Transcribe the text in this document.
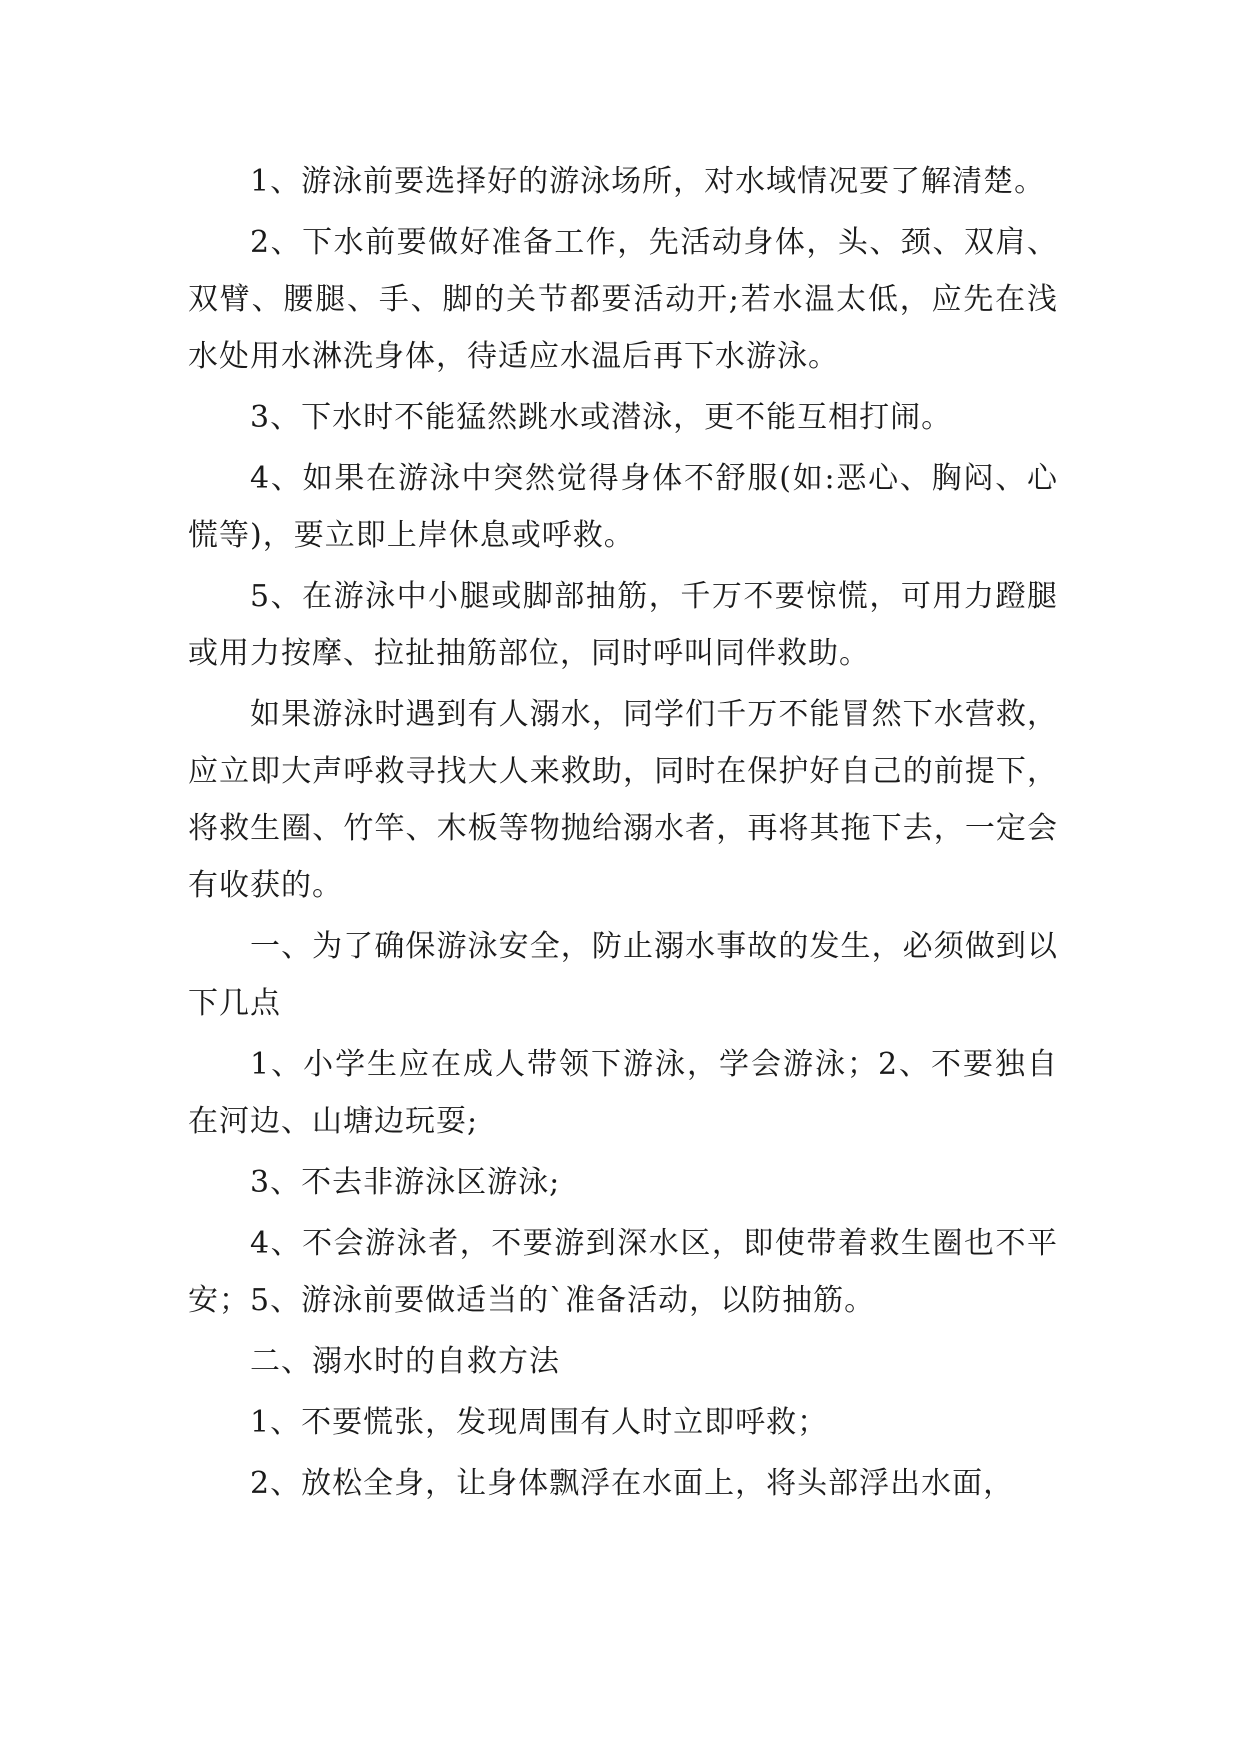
1、游泳前要选择好的游泳场所，对水域情况要了解清楚。

2、下水前要做好准备工作，先活动身体，头、颈、双肩、双臂、腰腿、手、脚的关节都要活动开;若水温太低，应先在浅水处用水淋洗身体，待适应水温后再下水游泳。

3、下水时不能猛然跳水或潜泳，更不能互相打闹。

4、如果在游泳中突然觉得身体不舒服(如:恶心、胸闷、心慌等)，要立即上岸休息或呼救。

5、在游泳中小腿或脚部抽筋，千万不要惊慌，可用力蹬腿或用力按摩、拉扯抽筋部位，同时呼叫同伴救助。

如果游泳时遇到有人溺水，同学们千万不能冒然下水营救，应立即大声呼救寻找大人来救助，同时在保护好自己的前提下，将救生圈、竹竿、木板等物抛给溺水者，再将其拖下去，一定会有收获的。

一、为了确保游泳安全，防止溺水事故的发生，必须做到以下几点

1、小学生应在成人带领下游泳，学会游泳；2、不要独自在河边、山塘边玩耍;

3、不去非游泳区游泳;

4、不会游泳者，不要游到深水区，即使带着救生圈也不平安；5、游泳前要做适当的`准备活动，以防抽筋。

二、溺水时的自救方法

1、不要慌张，发现周围有人时立即呼救；

2、放松全身，让身体飘浮在水面上，将头部浮出水面，
